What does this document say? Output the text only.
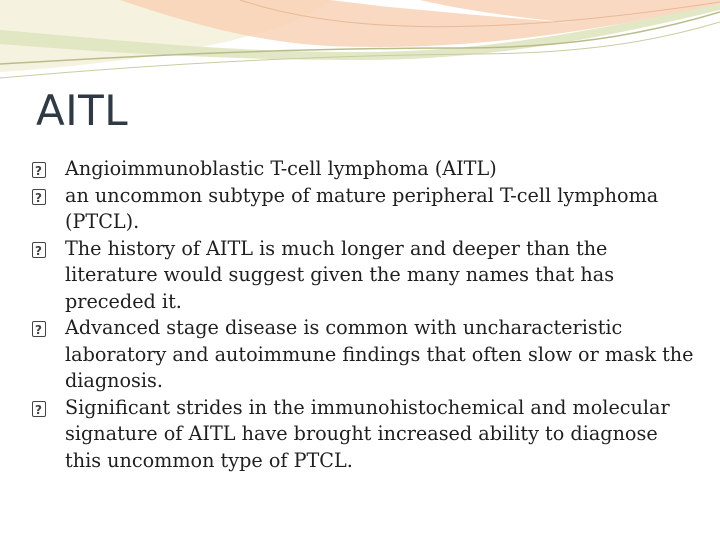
AITL
?
Angioimmunoblastic T-cell lymphoma (AITL)
?
an uncommon subtype of mature peripheral T-cell lymphoma (PTCL).
?
The history of AITL is much longer and deeper than the literature would suggest given the many names that has preceded it.
?
Advanced stage disease is common with uncharacteristic laboratory and autoimmune findings that often slow or mask the diagnosis.
?
Significant strides in the immunohistochemical and molecular signature of AITL have brought increased ability to diagnose this uncommon type of PTCL.
